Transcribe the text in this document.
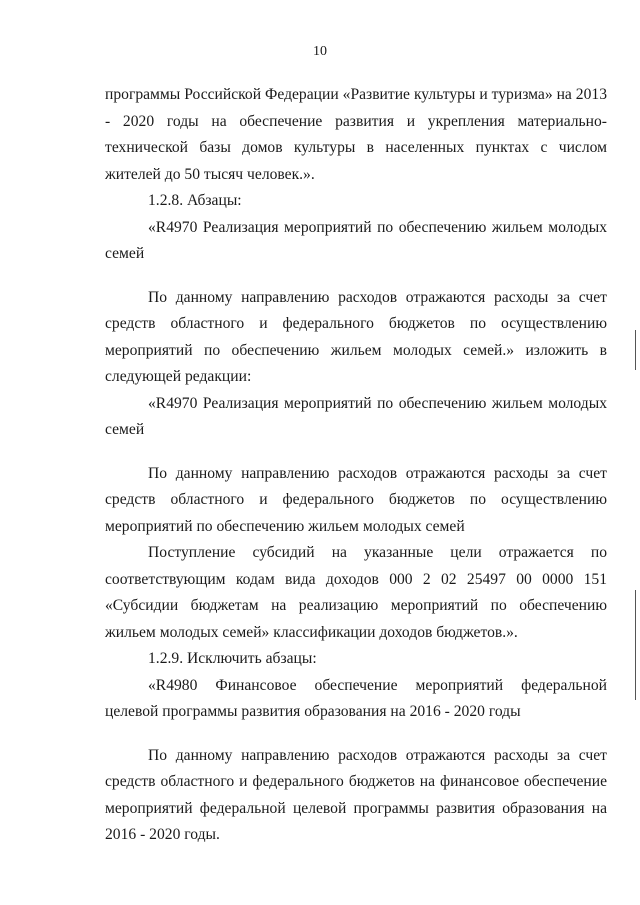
10

программы Российской Федерации «Развитие культуры и туризма» на 2013 - 2020 годы на обеспечение развития и укрепления материально-технической базы домов культуры в населенных пунктах с числом жителей до 50 тысяч человек.».

1.2.8. Абзацы:

«R4970 Реализация мероприятий по обеспечению жильем молодых семей

По данному направлению расходов отражаются расходы за счет средств областного и федерального бюджетов по осуществлению мероприятий по обеспечению жильем молодых семей.» изложить в следующей редакции:

«R4970 Реализация мероприятий по обеспечению жильем молодых семей

По данному направлению расходов отражаются расходы за счет средств областного и федерального бюджетов по осуществлению мероприятий по обеспечению жильем молодых семей

Поступление субсидий на указанные цели отражается по соответствующим кодам вида доходов 000 2 02 25497 00 0000 151 «Субсидии бюджетам на реализацию мероприятий по обеспечению жильем молодых семей» классификации доходов бюджетов.».

1.2.9. Исключить абзацы:

«R4980 Финансовое обеспечение мероприятий федеральной целевой программы развития образования на 2016 - 2020 годы

По данному направлению расходов отражаются расходы за счет средств областного и федерального бюджетов на финансовое обеспечение мероприятий федеральной целевой программы развития образования на 2016 - 2020 годы.
